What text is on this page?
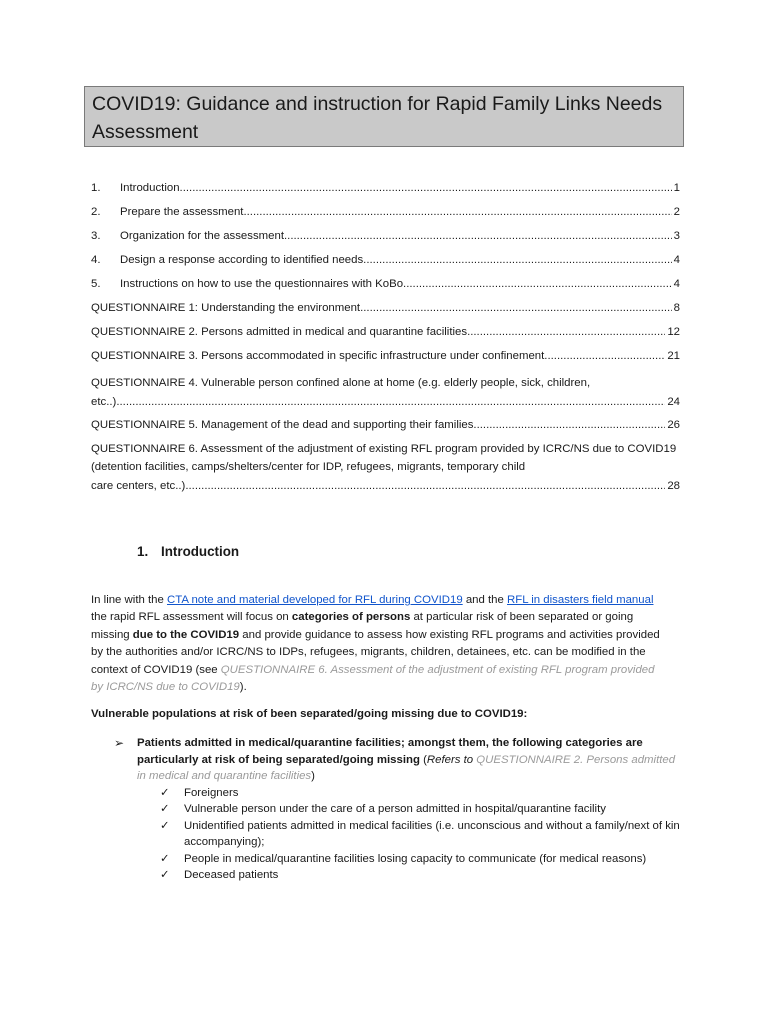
COVID19: Guidance and instruction for Rapid Family Links Needs Assessment
1.	Introduction .....	1
2.	Prepare the assessment .....	2
3.	Organization for the assessment .....	3
4.	Design a response according to identified needs .....	4
5.	Instructions on how to use the questionnaires with KoBo .....	4
QUESTIONNAIRE 1: Understanding the environment .....	8
QUESTIONNAIRE 2. Persons admitted in medical and quarantine facilities .....	12
QUESTIONNAIRE 3. Persons accommodated in specific infrastructure under confinement .....	21
QUESTIONNAIRE 4. Vulnerable person confined alone at home (e.g. elderly people, sick, children,
etc..) .....	24
QUESTIONNAIRE 5. Management of the dead and supporting their families .....	26
QUESTIONNAIRE 6. Assessment of the adjustment of existing RFL program provided by ICRC/NS due to COVID19 (detention facilities, camps/shelters/center for IDP, refugees, migrants, temporary child
care centers, etc..) .....	28
1. Introduction
In line with the CTA note and material developed for RFL during COVID19 and the RFL in disasters field manual the rapid RFL assessment will focus on categories of persons at particular risk of been separated or going missing due to the COVID19 and provide guidance to assess how existing RFL programs and activities provided by the authorities and/or ICRC/NS to IDPs, refugees, migrants, children, detainees, etc. can be modified in the context of COVID19 (see QUESTIONNAIRE 6. Assessment of the adjustment of existing RFL program provided by ICRC/NS due to COVID19).
Vulnerable populations at risk of been separated/going missing due to COVID19:
➢ Patients admitted in medical/quarantine facilities; amongst them, the following categories are particularly at risk of being separated/going missing (Refers to QUESTIONNAIRE 2. Persons admitted in medical and quarantine facilities)
✓ Foreigners
✓ Vulnerable person under the care of a person admitted in hospital/quarantine facility
✓ Unidentified patients admitted in medical facilities (i.e. unconscious and without a family/next of kin accompanying);
✓ People in medical/quarantine facilities losing capacity to communicate (for medical reasons)
✓ Deceased patients
